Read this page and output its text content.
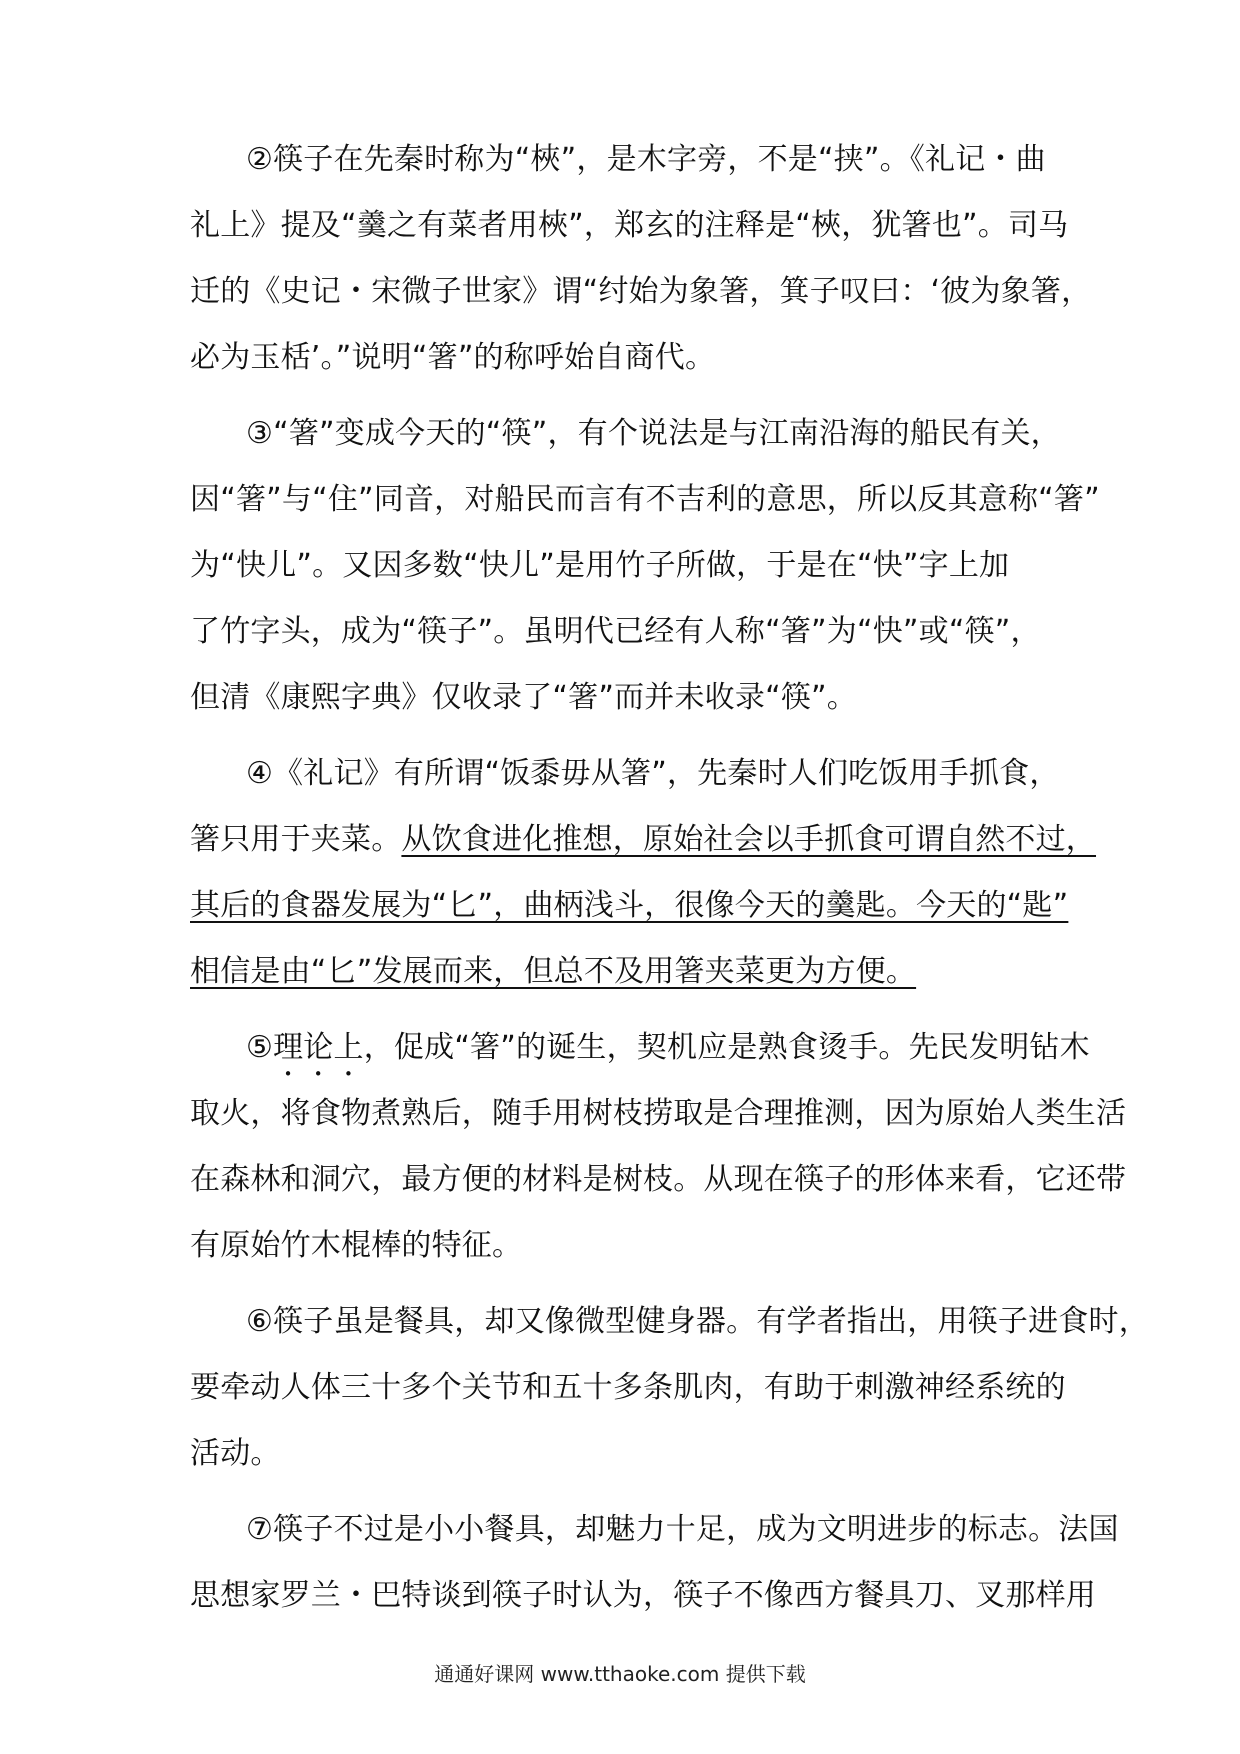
②筷子在先秦时称为“梜”，是木字旁，不是“挟”。《礼记・曲
礼上》提及“羹之有菜者用梜”，郑玄的注释是“梜，犹箸也”。司马
迁的《史记・宋微子世家》谓“纣始为象箸，箕子叹曰：‘彼为象箸，
必为玉栝’。”说明“箸”的称呼始自商代。
③“箸”变成今天的“筷”，有个说法是与江南沿海的船民有关，
因“箸”与“住”同音，对船民而言有不吉利的意思，所以反其意称“箸”
为“快儿”。又因多数“快儿”是用竹子所做，于是在“快”字上加
了竹字头，成为“筷子”。虽明代已经有人称“箸”为“快”或“筷”，
但清《康熙字典》仅收录了“箸”而并未收录“筷”。
④《礼记》有所谓“饭黍毋从箸”，先秦时人们吃饭用手抓食，
箸只用于夹菜。从饮食进化推想，原始社会以手抓食可谓自然不过，
其后的食器发展为“匕”，曲柄浅斗，很像今天的羹匙。今天的“匙”
相信是由“匕”发展而来，但总不及用箸夹菜更为方便。
⑤理论上，促成“箸”的诞生，契机应是熟食烫手。先民发明钻木
取火，将食物煮熟后，随手用树枝捞取是合理推测，因为原始人类生活
在森林和洞穴，最方便的材料是树枝。从现在筷子的形体来看，它还带
有原始竹木棍棒的特征。
⑥筷子虽是餐具，却又像微型健身器。有学者指出，用筷子进食时，
要牵动人体三十多个关节和五十多条肌肉，有助于刺激神经系统的
活动。
⑦筷子不过是小小餐具，却魅力十足，成为文明进步的标志。法国
思想家罗兰・巴特谈到筷子时认为，筷子不像西方餐具刀、叉那样用
通通好课网 www.tthaoke.com 提供下载
